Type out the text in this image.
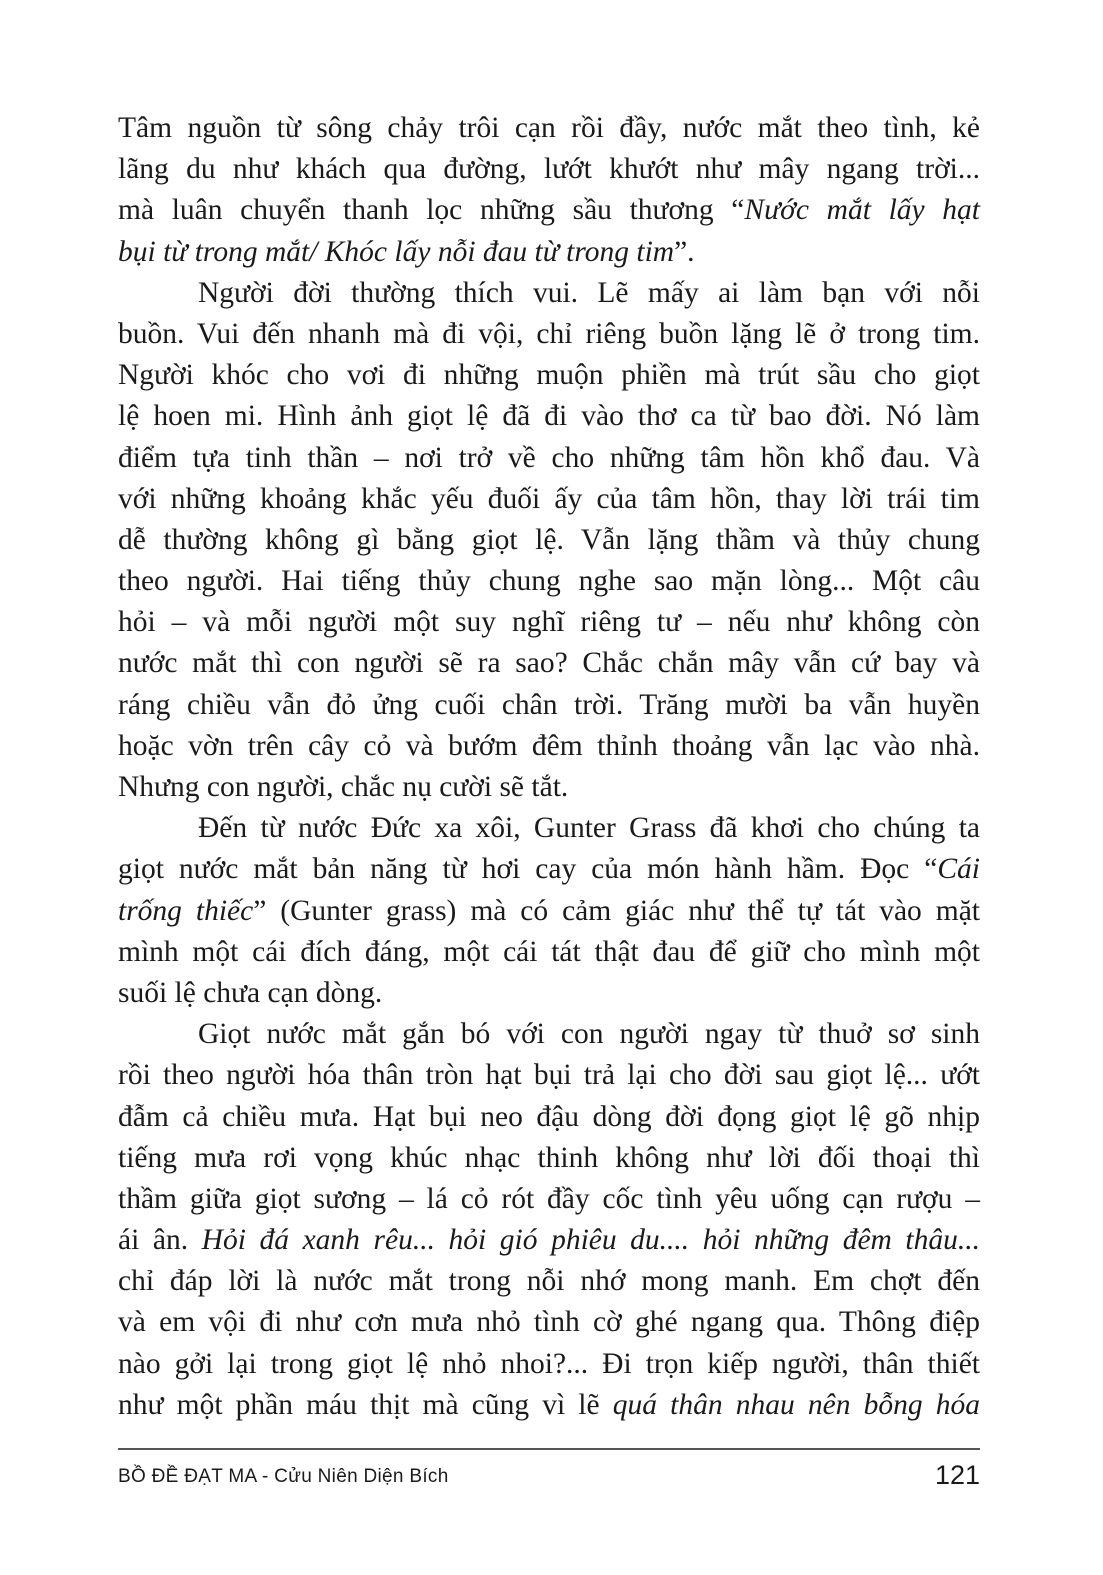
Tâm nguồn từ sông chảy trôi cạn rồi đầy, nước mắt theo tình, kẻ
lãng du như khách qua đường, lướt khướt như mây ngang trời...
mà luân chuyển thanh lọc những sầu thương “Nước mắt lấy hạt
bụi từ trong mắt/ Khóc lấy nỗi đau từ trong tim”.
Người đời thường thích vui. Lẽ mấy ai làm bạn với nỗi
buồn. Vui đến nhanh mà đi vội, chỉ riêng buồn lặng lẽ ở trong tim.
Người khóc cho vơi đi những muộn phiền mà trút sầu cho giọt
lệ hoen mi. Hình ảnh giọt lệ đã đi vào thơ ca từ bao đời. Nó làm
điểm tựa tinh thần – nơi trở về cho những tâm hồn khổ đau. Và
với những khoảng khắc yếu đuối ấy của tâm hồn, thay lời trái tim
dễ thường không gì bằng giọt lệ. Vẫn lặng thầm và thủy chung
theo người. Hai tiếng thủy chung nghe sao mặn lòng... Một câu
hỏi – và mỗi người một suy nghĩ riêng tư – nếu như không còn
nước mắt thì con người sẽ ra sao? Chắc chắn mây vẫn cứ bay và
ráng chiều vẫn đỏ ửng cuối chân trời. Trăng mười ba vẫn huyền
hoặc vờn trên cây cỏ và bướm đêm thỉnh thoảng vẫn lạc vào nhà.
Nhưng con người, chắc nụ cười sẽ tắt.
Đến từ nước Đức xa xôi, Gunter Grass đã khơi cho chúng ta
giọt nước mắt bản năng từ hơi cay của món hành hầm. Đọc “Cái
trống thiếc” (Gunter grass) mà có cảm giác như thể tự tát vào mặt
mình một cái đích đáng, một cái tát thật đau để giữ cho mình một
suối lệ chưa cạn dòng.
Giọt nước mắt gắn bó với con người ngay từ thuở sơ sinh
rồi theo người hóa thân tròn hạt bụi trả lại cho đời sau giọt lệ... ướt
đẫm cả chiều mưa. Hạt bụi neo đậu dòng đời đọng giọt lệ gõ nhịp
tiếng mưa rơi vọng khúc nhạc thinh không như lời đối thoại thì
thầm giữa giọt sương – lá cỏ rót đầy cốc tình yêu uống cạn rượu –
ái ân. Hỏi đá xanh rêu... hỏi gió phiêu du.... hỏi những đêm thâu...
chỉ đáp lời là nước mắt trong nỗi nhớ mong manh. Em chợt đến
và em vội đi như cơn mưa nhỏ tình cờ ghé ngang qua. Thông điệp
nào gởi lại trong giọt lệ nhỏ nhoi?... Đi trọn kiếp người, thân thiết
như một phần máu thịt mà cũng vì lẽ quá thân nhau nên bỗng hóa
BỒ ĐỀ ĐẠT MA - Cửu Niên Diện Bích	121
